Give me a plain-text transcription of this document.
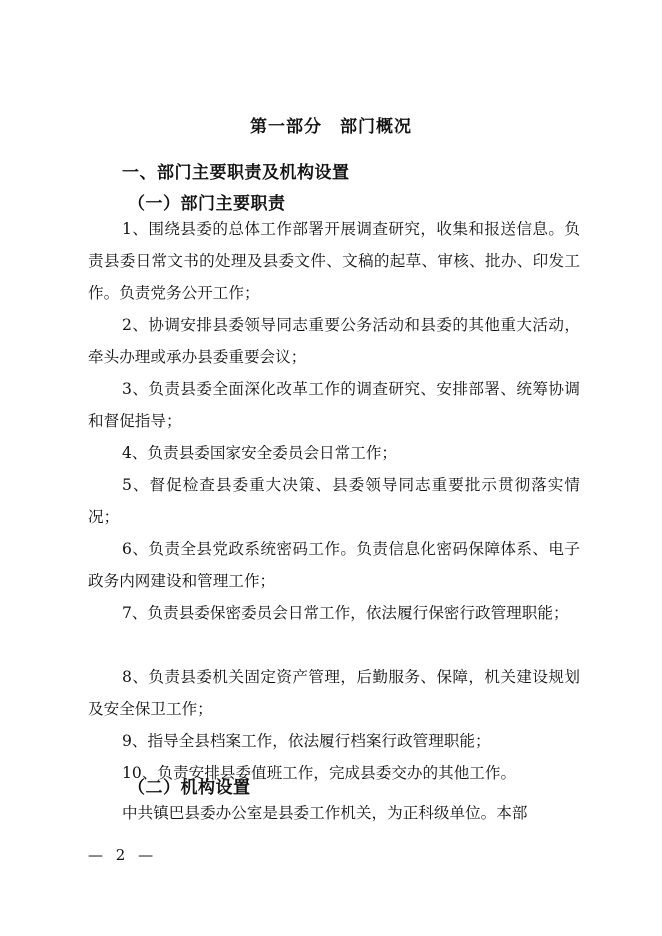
第一部分　部门概况
一、部门主要职责及机构设置
（一）部门主要职责
1、围绕县委的总体工作部署开展调查研究，收集和报送信息。负责县委日常文书的处理及县委文件、文稿的起草、审核、批办、印发工作。负责党务公开工作；
2、协调安排县委领导同志重要公务活动和县委的其他重大活动，牵头办理或承办县委重要会议；
3、负责县委全面深化改革工作的调查研究、安排部署、统筹协调和督促指导；
4、负责县委国家安全委员会日常工作；
5、督促检查县委重大决策、县委领导同志重要批示贯彻落实情况；
6、负责全县党政系统密码工作。负责信息化密码保障体系、电子政务内网建设和管理工作；
7、负责县委保密委员会日常工作，依法履行保密行政管理职能；
8、负责县委机关固定资产管理，后勤服务、保障，机关建设规划及安全保卫工作；
9、指导全县档案工作，依法履行档案行政管理职能；
10、负责安排县委值班工作，完成县委交办的其他工作。
（二）机构设置
中共镇巴县委办公室是县委工作机关，为正科级单位。本部
— 2 —
